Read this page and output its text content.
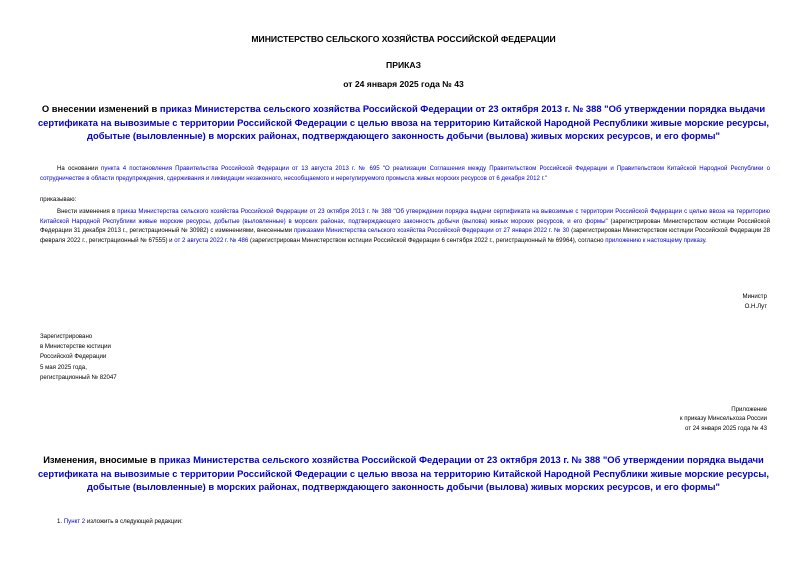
МИНИСТЕРСТВО СЕЛЬСКОГО ХОЗЯЙСТВА РОССИЙСКОЙ ФЕДЕРАЦИИ
ПРИКАЗ
от 24 января 2025 года № 43
О внесении изменений в приказ Министерства сельского хозяйства Российской Федерации от 23 октября 2013 г. № 388 "Об утверждении порядка выдачи сертификата на вывозимые с территории Российской Федерации с целью ввоза на территорию Китайской Народной Республики живые морские ресурсы, добытые (выловленные) в морских районах, подтверждающего законность добычи (вылова) живых морских ресурсов, и его формы"
На основании пункта 4 постановления Правительства Российской Федерации от 13 августа 2013 г. № 695 "О реализации Соглашения между Правительством Российской Федерации и Правительством Китайской Народной Республики о сотрудничестве в области предупреждения, сдерживания и ликвидации незаконного, несообщаемого и нерегулируемого промысла живых морских ресурсов от 6 декабря 2012 г."
приказываю:
Внести изменения в приказ Министерства сельского хозяйства Российской Федерации от 23 октября 2013 г. № 388 "Об утверждении порядка выдачи сертификата на вывозимые с территории Российской Федерации с целью ввоза на территорию Китайской Народной Республики живые морские ресурсы, добытые (выловленные) в морских районах, подтверждающего законность добычи (вылова) живых морских ресурсов, и его формы" (зарегистрирован Министерством юстиции Российской Федерации 31 декабря 2013 г., регистрационный № 30982) с изменениями, внесенными приказами Министерства сельского хозяйства Российской Федерации от 27 января 2022 г. № 30 (зарегистрирован Министерством юстиции Российской Федерации 28 февраля 2022 г., регистрационный № 67555) и от 2 августа 2022 г. № 486 (зарегистрирован Министерством юстиции Российской Федерации 6 сентября 2022 г., регистрационный № 69964), согласно приложению к настоящему приказу.
Министр
О.Н.Лут
Зарегистрировано
в Министерстве юстиции
Российской Федерации
5 мая 2025 года,
регистрационный № 82047
Приложение
к приказу Минсельхоза России
от 24 января 2025 года № 43
Изменения, вносимые в приказ Министерства сельского хозяйства Российской Федерации от 23 октября 2013 г. № 388 "Об утверждении порядка выдачи сертификата на вывозимые с территории Российской Федерации с целью ввоза на территорию Китайской Народной Республики живые морские ресурсы, добытые (выловленные) в морских районах, подтверждающего законность добычи (вылова) живых морских ресурсов, и его формы"
1. Пункт 2 изложить в следующей редакции:
